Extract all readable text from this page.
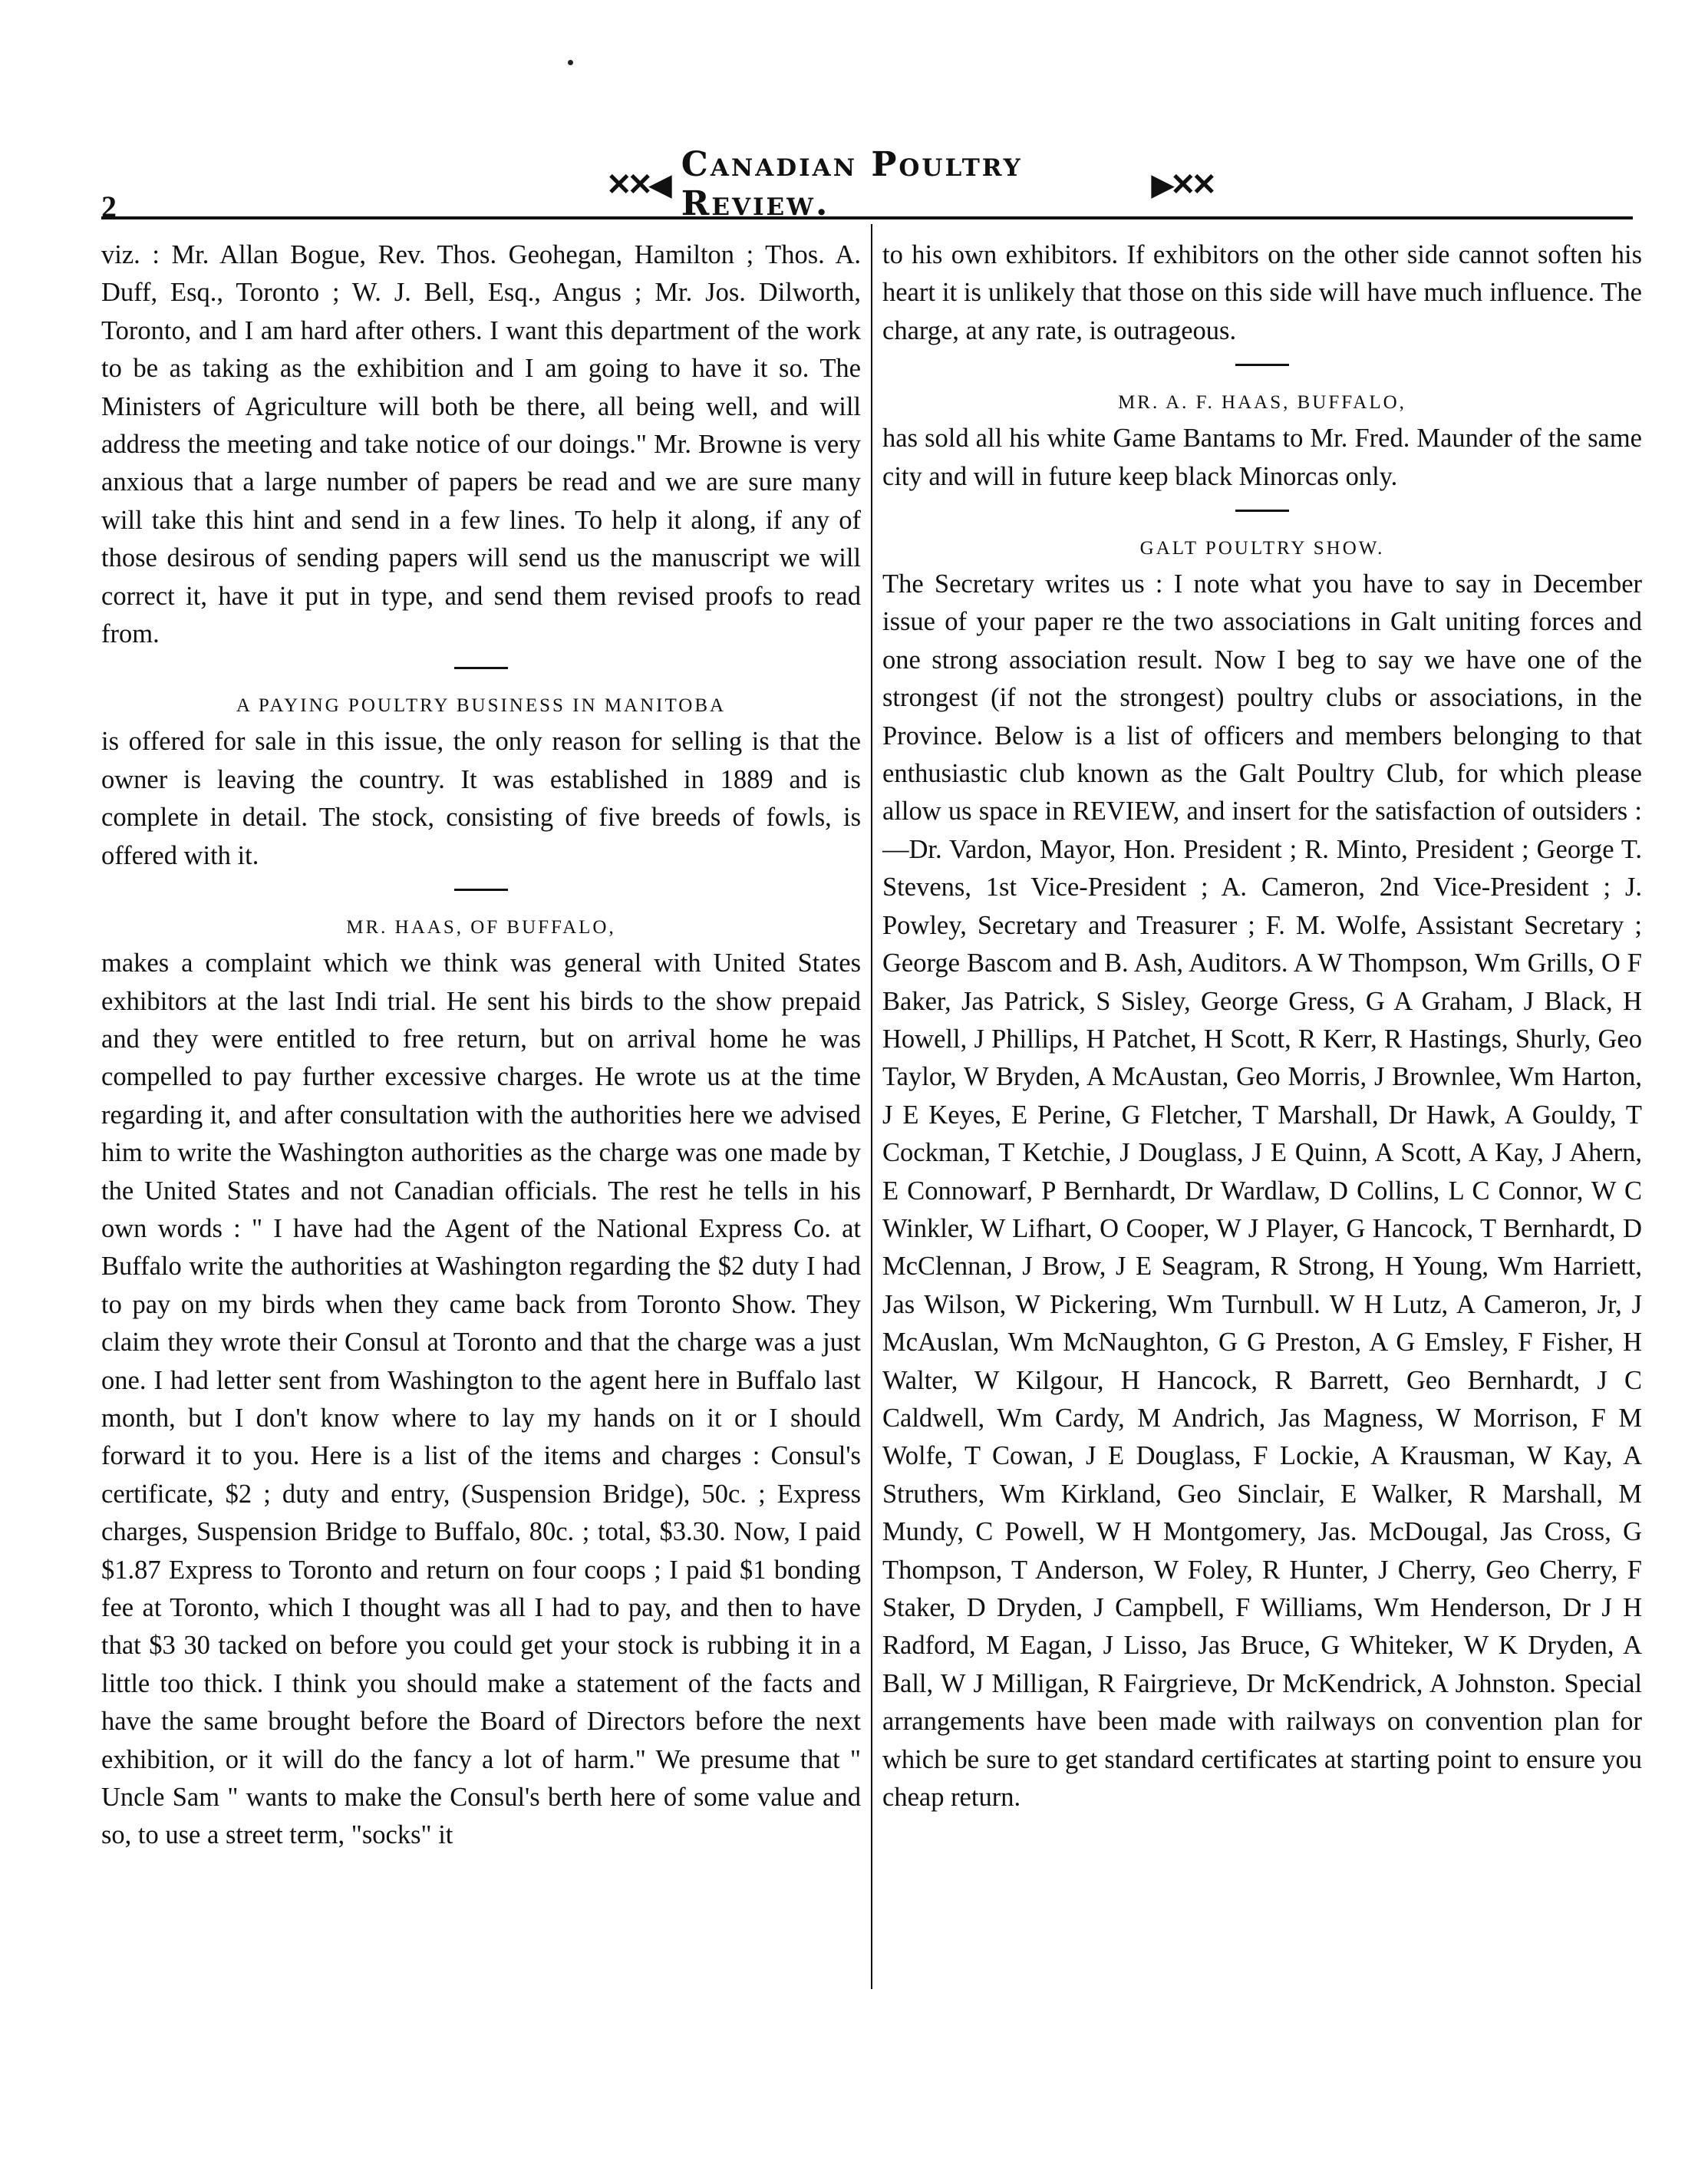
2
✕✕◀ Canadian Poultry Review.	▶✕✕

viz. : Mr. Allan Bogue, Rev. Thos. Geohegan, Hamilton ; Thos. A. Duff, Esq., Toronto ; W. J. Bell, Esq., Angus ; Mr. Jos. Dilworth, Toronto, and I am hard after others. I want this department of the work to be as taking as the exhibition and I am going to have it so. The Ministers of Agriculture will both be there, all being well, and will address the meeting and take notice of our doings." Mr. Browne is very anxious that a large number of papers be read and we are sure many will take this hint and send in a few lines. To help it along, if any of those desirous of sending papers will send us the manuscript we will correct it, have it put in type, and send them revised proofs to read from.

A PAYING POULTRY BUSINESS IN MANITOBA

is offered for sale in this issue, the only reason for selling is that the owner is leaving the country. It was established in 1889 and is complete in detail. The stock, consisting of five breeds of fowls, is offered with it.

MR. HAAS, OF BUFFALO,

makes a complaint which we think was general with United States exhibitors at the last Indi trial. He sent his birds to the show prepaid and they were entitled to free return, but on arrival home he was compelled to pay further excessive charges. He wrote us at the time regarding it, and after consultation with the authorities here we advised him to write the Washington authorities as the charge was one made by the United States and not Canadian officials. The rest he tells in his own words : " I have had the Agent of the National Express Co. at Buffalo write the authorities at Washington regarding the $2 duty I had to pay on my birds when they came back from Toronto Show. They claim they wrote their Consul at Toronto and that the charge was a just one. I had letter sent from Washington to the agent here in Buffalo last month, but I don't know where to lay my hands on it or I should forward it to you. Here is a list of the items and charges : Consul's certificate, $2 ; duty and entry, (Suspension Bridge), 50c. ; Express charges, Suspension Bridge to Buffalo, 80c. ; total, $3.30. Now, I paid $1.87 Express to Toronto and return on four coops ; I paid $1 bonding fee at Toronto, which I thought was all I had to pay, and then to have that $3 30 tacked on before you could get your stock is rubbing it in a little too thick. I think you should make a statement of the facts and have the same brought before the Board of Directors before the next exhibition, or it will do the fancy a lot of harm." We presume that " Uncle Sam " wants to make the Consul's berth here of some value and so, to use a street term, "socks" it

to his own exhibitors. If exhibitors on the other side cannot soften his heart it is unlikely that those on this side will have much influence. The charge, at any rate, is outrageous.

MR. A. F. HAAS, BUFFALO,

has sold all his white Game Bantams to Mr. Fred. Maunder of the same city and will in future keep black Minorcas only.

GALT POULTRY SHOW.

The Secretary writes us : I note what you have to say in December issue of your paper re the two associations in Galt uniting forces and one strong association result. Now I beg to say we have one of the strongest (if not the strongest) poultry clubs or associations, in the Province. Below is a list of officers and members belonging to that enthusiastic club known as the Galt Poultry Club, for which please allow us space in REVIEW, and insert for the satisfaction of outsiders :—Dr. Vardon, Mayor, Hon. President ; R. Minto, President ; George T. Stevens, 1st Vice-President ; A. Cameron, 2nd Vice-President ; J. Powley, Secretary and Treasurer ; F. M. Wolfe, Assistant Secretary ; George Bascom and B. Ash, Auditors. A W Thompson, Wm Grills, O F Baker, Jas Patrick, S Sisley, George Gress, G A Graham, J Black, H Howell, J Phillips, H Patchet, H Scott, R Kerr, R Hastings, Shurly, Geo Taylor, W Bryden, A McAustan, Geo Morris, J Brownlee, Wm Harton, J E Keyes, E Perine, G Fletcher, T Marshall, Dr Hawk, A Gouldy, T Cockman, T Ketchie, J Douglass, J E Quinn, A Scott, A Kay, J Ahern, E Connowarf, P Bernhardt, Dr Wardlaw, D Collins, L C Connor, W C Winkler, W Lifhart, O Cooper, W J Player, G Hancock, T Bernhardt, D McClennan, J Brow, J E Seagram, R Strong, H Young, Wm Harriett, Jas Wilson, W Pickering, Wm Turnbull. W H Lutz, A Cameron, Jr, J McAuslan, Wm McNaughton, G G Preston, A G Emsley, F Fisher, H Walter, W Kilgour, H Hancock, R Barrett, Geo Bernhardt, J C Caldwell, Wm Cardy, M Andrich, Jas Magness, W Morrison, F M Wolfe, T Cowan, J E Douglass, F Lockie, A Krausman, W Kay, A Struthers, Wm Kirkland, Geo Sinclair, E Walker, R Marshall, M Mundy, C Powell, W H Montgomery, Jas. McDougal, Jas Cross, G Thompson, T Anderson, W Foley, R Hunter, J Cherry, Geo Cherry, F Staker, D Dryden, J Campbell, F Williams, Wm Henderson, Dr J H Radford, M Eagan, J Lisso, Jas Bruce, G Whiteker, W K Dryden, A Ball, W J Milligan, R Fairgrieve, Dr McKendrick, A Johnston. Special arrangements have been made with railways on convention plan for which be sure to get standard certificates at starting point to ensure you cheap return.
